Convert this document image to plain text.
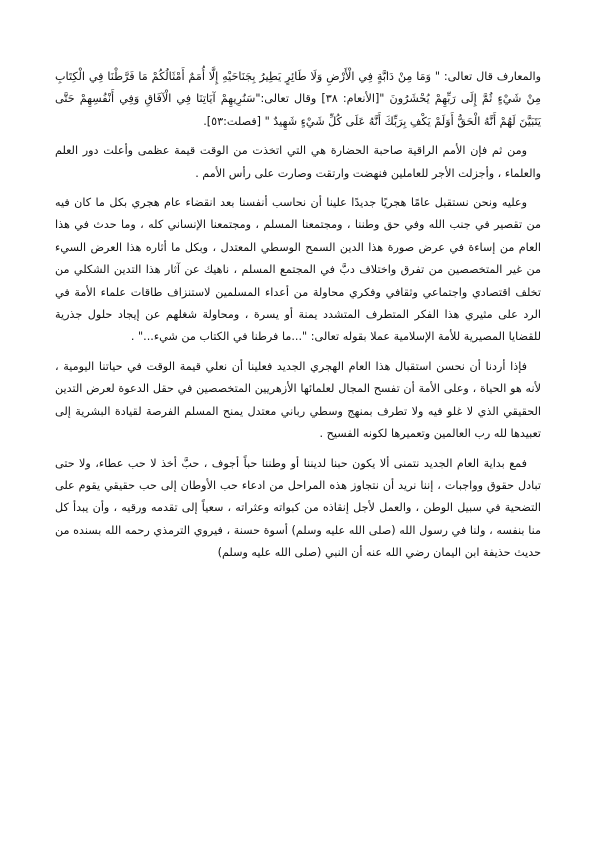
والمعارف قال تعالى: " وَمَا مِنْ دَابَّةٍ فِي الْأَرْضِ وَلَا طَائِرٍ يَطِيرُ بِجَنَاحَيْهِ إِلَّا أُمَمٌ أَمْثَالُكُمْ مَا فَرَّطْنَا فِي الْكِتَابِ مِنْ شَيْءٍ ثُمَّ إِلَى رَبِّهِمْ يُحْشَرُونَ "[الأنعام: ٣٨] وقال تعالى:"سَنُرِيهِمْ آيَاتِنَا فِي الْآفَاقِ وَفِي أَنْفُسِهِمْ حَتَّى يَتَبَيَّنَ لَهُمْ أَنَّهُ الْحَقُّ أَوَلَمْ يَكْفِ بِرَبِّكَ أَنَّهُ عَلَى كُلِّ شَيْءٍ شَهِيدٌ " [فصلت:٥٣].

ومن ثم فإن الأمم الراقية صاحبة الحضارة هي التي اتخذت من الوقت قيمة عظمى وأعلت دور العلم والعلماء ، وأجزلت الأجر للعاملين فنهضت وارتقت وصارت على رأس الأمم .

وعليه ونحن نستقبل عامًا هجريًا جديدًا علينا أن نحاسب أنفسنا بعد انقضاء عام هجري بكل ما كان فيه من تقصير في جنب الله وفي حق وطننا ، ومجتمعنا المسلم ، ومجتمعنا الإنساني كله ، وما حدث في هذا العام من إساءة في عرض صورة هذا الدين السمح الوسطي المعتدل ، وبكل ما أثاره هذا العرض السيء من غير المتخصصين من تفرق واختلاف دبَّ في المجتمع المسلم ، ناهيك عن آثار هذا التدين الشكلي من تخلف اقتصادي واجتماعي وثقافي وفكري محاولة من أعداء المسلمين لاستنزاف طاقات علماء الأمة في الرد على مثيري هذا الفكر المتطرف المتشدد يمنة أو يسرة ، ومحاولة شغلهم عن إيجاد حلول جذرية للقضايا المصيرية للأمة الإسلامية عملا بقوله تعالى: "...ما فرطنا في الكتاب من شيء..." .

فإذا أردنا أن نحسن استقبال هذا العام الهجري الجديد فعلينا أن نعلي قيمة الوقت في حياتنا اليومية ، لأنه هو الحياة ، وعلى الأمة أن تفسح المجال لعلمائها الأزهريين المتخصصين في حقل الدعوة لعرض التدين الحقيقي الذي لا غلو فيه ولا تطرف بمنهج وسطي رباني معتدل يمنح المسلم الفرصة لقيادة البشرية إلى تعبيدها لله رب العالمين وتعميرها لكونه الفسيح .

فمع بداية العام الجديد نتمنى ألا يكون حبنا لديننا أو وطننا حباً أجوف ، حبَّ أخذ لا حب عطاء، ولا حتى تبادل حقوق وواجبات ، إننا نريد أن نتجاوز هذه المراحل من ادعاء حب الأوطان إلى حب حقيقي يقوم على التضحية في سبيل الوطن ، والعمل لأجل إنقاذه من كبواته وعثراته ، سعياً إلى تقدمه ورقيه ، وأن يبدأ كل منا بنفسه ، ولنا في رسول الله (صلى الله عليه وسلم) أسوة حسنة ، فيروي الترمذي رحمه الله بسنده من حديث حذيفة ابن اليمان رضي الله عنه أن النبي (صلى الله عليه وسلم)
